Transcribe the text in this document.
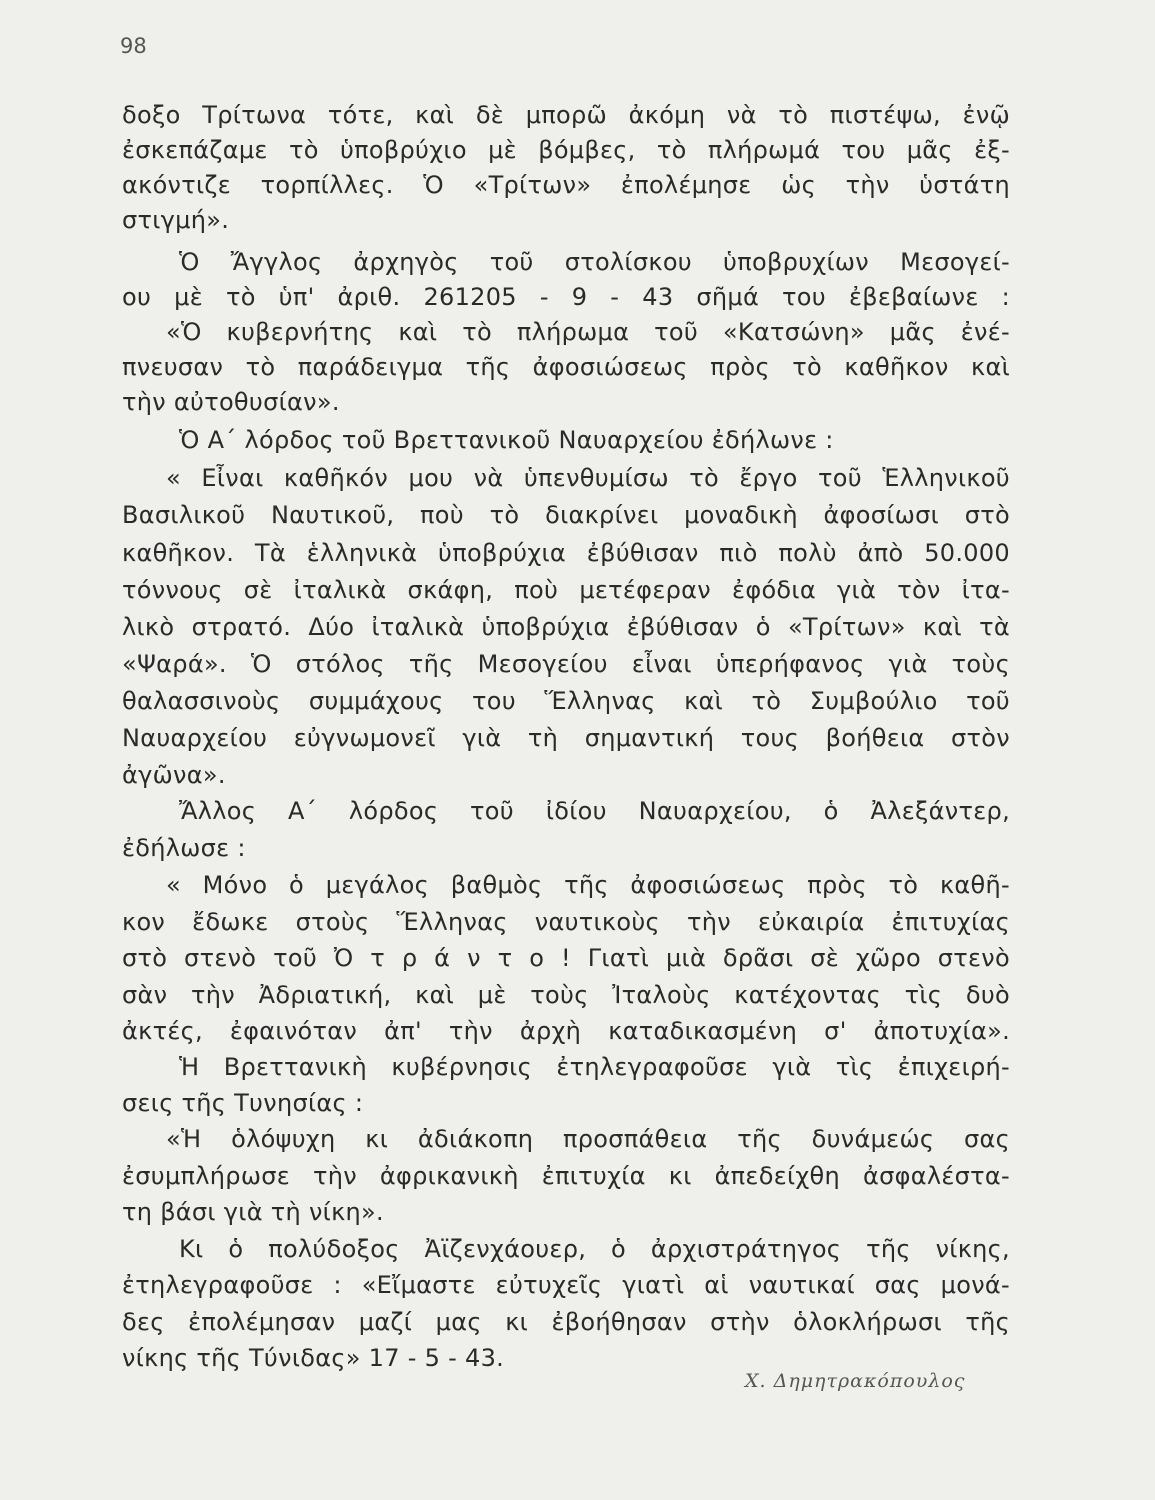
98
δοξο Τρίτωνα τότε, καὶ δὲ μπορῶ ἀκόμη νὰ τὸ πιστέψω, ἐνῷ
ἐσκεπάζαμε τὸ ὑποβρύχιο μὲ βόμβες, τὸ πλήρωμά του μᾶς ἐξ-
ακόντιζε τορπίλλες. Ὁ «Τρίτων» ἐπολέμησε ὡς τὴν ὑστάτη
στιγμή».
Ὁ Ἄγγλος ἀρχηγὸς τοῦ στολίσκου ὑποβρυχίων Μεσογεί-
ου μὲ τὸ ὑπ' ἀριθ. 261205 - 9 - 43 σῆμά του ἐβεβαίωνε :
«Ὁ κυβερνήτης καὶ τὸ πλήρωμα τοῦ «Κατσώνη» μᾶς ἐνέ-
πνευσαν τὸ παράδειγμα τῆς ἀφοσιώσεως πρὸς τὸ καθῆκον καὶ
τὴν αὐτοθυσίαν».
Ὁ Α΄ λόρδος τοῦ Βρεττανικοῦ Ναυαρχείου ἐδήλωνε :
« Εἶναι καθῆκόν μου νὰ ὑπενθυμίσω τὸ ἔργο τοῦ Ἑλληνικοῦ
Βασιλικοῦ Ναυτικοῦ, ποὺ τὸ διακρίνει μοναδικὴ ἀφοσίωσι στὸ
καθῆκον. Τὰ ἑλληνικὰ ὑποβρύχια ἐβύθισαν πιὸ πολὺ ἀπὸ 50.000
τόννους σὲ ἰταλικὰ σκάφη, ποὺ μετέφεραν ἐφόδια γιὰ τὸν ἰτα-
λικὸ στρατό. Δύο ἰταλικὰ ὑποβρύχια ἐβύθισαν ὁ «Τρίτων» καὶ τὰ
«Ψαρά». Ὁ στόλος τῆς Μεσογείου εἶναι ὑπερήφανος γιὰ τοὺς
θαλασσινοὺς συμμάχους του Ἕλληνας καὶ τὸ Συμβούλιο τοῦ
Ναυαρχείου εὐγνωμονεῖ γιὰ τὴ σημαντική τους βοήθεια στὸν
ἀγῶνα».
Ἄλλος Α΄ λόρδος τοῦ ἰδίου Ναυαρχείου, ὁ Ἀλεξάντερ,
ἐδήλωσε :
« Μόνο ὁ μεγάλος βαθμὸς τῆς ἀφοσιώσεως πρὸς τὸ καθῆ-
κον ἔδωκε στοὺς Ἕλληνας ναυτικοὺς τὴν εὐκαιρία ἐπιτυχίας
στὸ στενὸ τοῦ Ὀ τ ρ ά ν τ ο ! Γιατὶ μιὰ δρᾶσι σὲ χῶρο στενὸ
σὰν τὴν Ἀδριατική, καὶ μὲ τοὺς Ἰταλοὺς κατέχοντας τὶς δυὸ
ἀκτές, ἐφαινόταν ἀπ' τὴν ἀρχὴ καταδικασμένη σ' ἀποτυχία».
Ἡ Βρεττανικὴ κυβέρνησις ἐτηλεγραφοῦσε γιὰ τὶς ἐπιχειρή-
σεις τῆς Τυνησίας :
«Ἡ ὁλόψυχη κι ἀδιάκοπη προσπάθεια τῆς δυνάμεώς σας
ἐσυμπλήρωσε τὴν ἀφρικανικὴ ἐπιτυχία κι ἀπεδείχθη ἀσφαλέστα-
τη βάσι γιὰ τὴ νίκη».
Κι ὁ πολύδοξος Ἀϊζενχάουερ, ὁ ἀρχιστράτηγος τῆς νίκης,
ἐτηλεγραφοῦσε : «Εἴμαστε εὐτυχεῖς γιατὶ αἱ ναυτικαί σας μονά-
δες ἐπολέμησαν μαζί μας κι ἐβοήθησαν στὴν ὁλοκλήρωσι τῆς
νίκης τῆς Τύνιδας» 17 - 5 - 43.
Χ. Δημητρακόπουλος
